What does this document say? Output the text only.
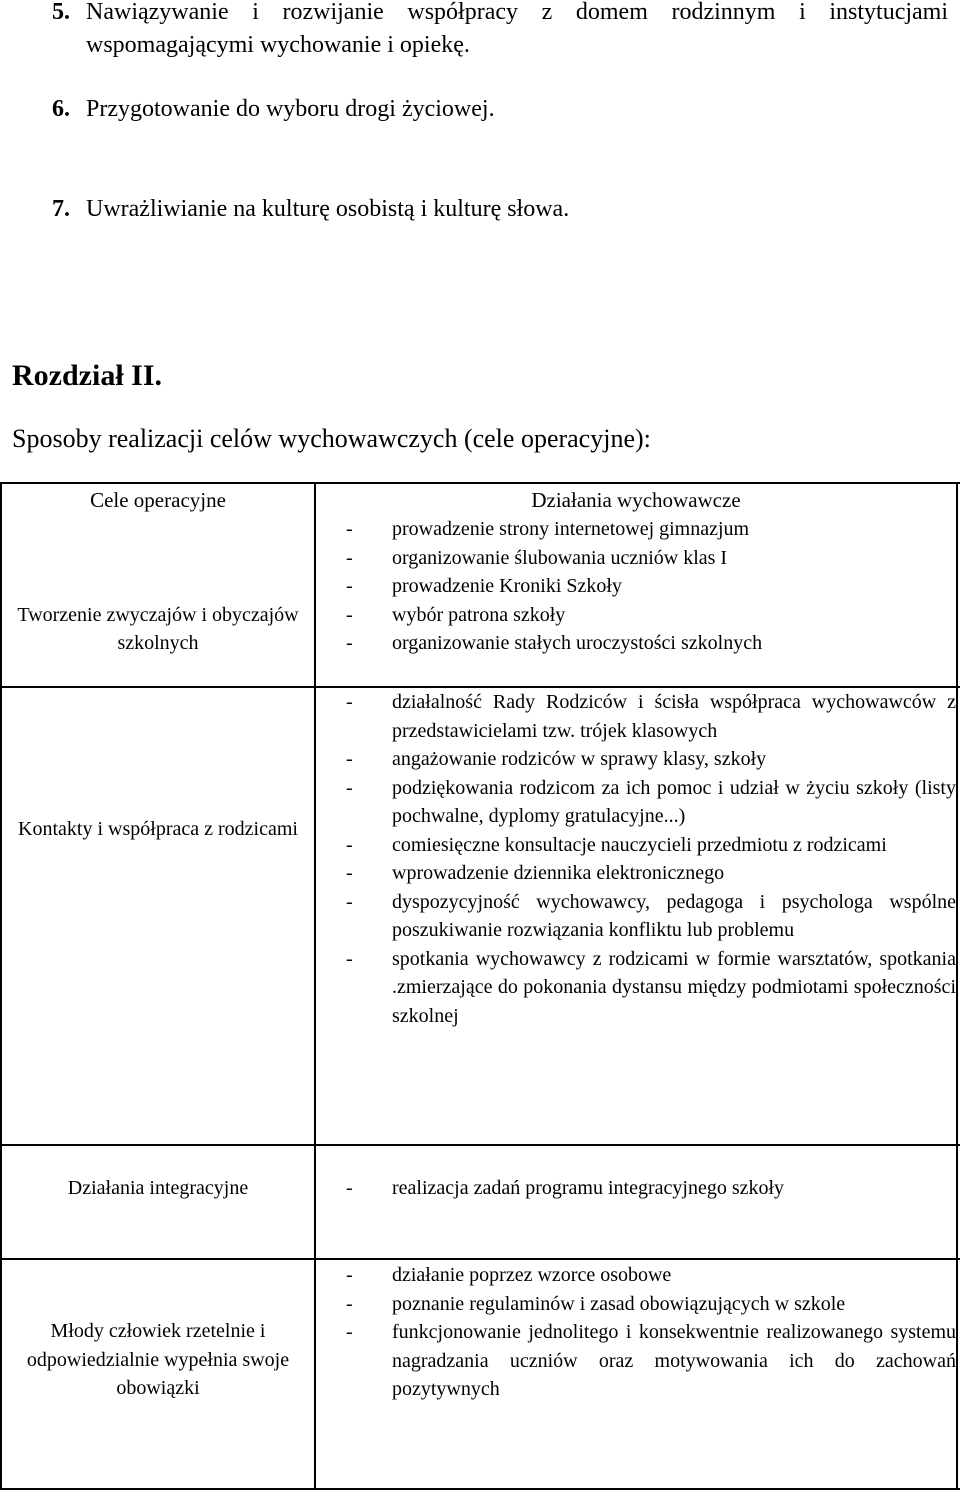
5. Nawiązywanie i rozwijanie współpracy z domem rodzinnym i instytucjami wspomagającymi wychowanie i opiekę.
6. Przygotowanie do wyboru drogi życiowej.
7. Uwrażliwianie na kulturę osobistą i kulturę słowa.
Rozdział II.
Sposoby realizacji celów wychowawczych (cele operacyjne):
Cele operacyjne	Działania wychowawcze
Tworzenie zwyczajów i obyczajów szkolnych
- prowadzenie strony internetowej gimnazjum
- organizowanie ślubowania uczniów klas I
- prowadzenie Kroniki Szkoły
- wybór patrona szkoły
- organizowanie stałych uroczystości szkolnych
Kontakty i współpraca z rodzicami
- działalność Rady Rodziców i ścisła współpraca wychowawców z przedstawicielami tzw. trójek klasowych
- angażowanie rodziców w sprawy klasy, szkoły
- podziękowania rodzicom za ich pomoc i udział w życiu szkoły (listy pochwalne, dyplomy gratulacyjne...)
- comiesięczne konsultacje nauczycieli przedmiotu z rodzicami
- wprowadzenie dziennika elektronicznego
- dyspozycyjność wychowawcy, pedagoga i psychologa wspólne poszukiwanie rozwiązania konfliktu lub problemu
- spotkania wychowawcy z rodzicami w formie warsztatów, spotkania .zmierzające do pokonania dystansu między podmiotami społeczności szkolnej
Działania integracyjne
-	realizacja zadań programu integracyjnego szkoły
Młody człowiek rzetelnie i odpowiedzialnie wypełnia swoje obowiązki
- działanie poprzez wzorce osobowe
- poznanie regulaminów i zasad obowiązujących w szkole
- funkcjonowanie jednolitego i konsekwentnie realizowanego systemu nagradzania uczniów oraz motywowania ich do zachowań pozytywnych
